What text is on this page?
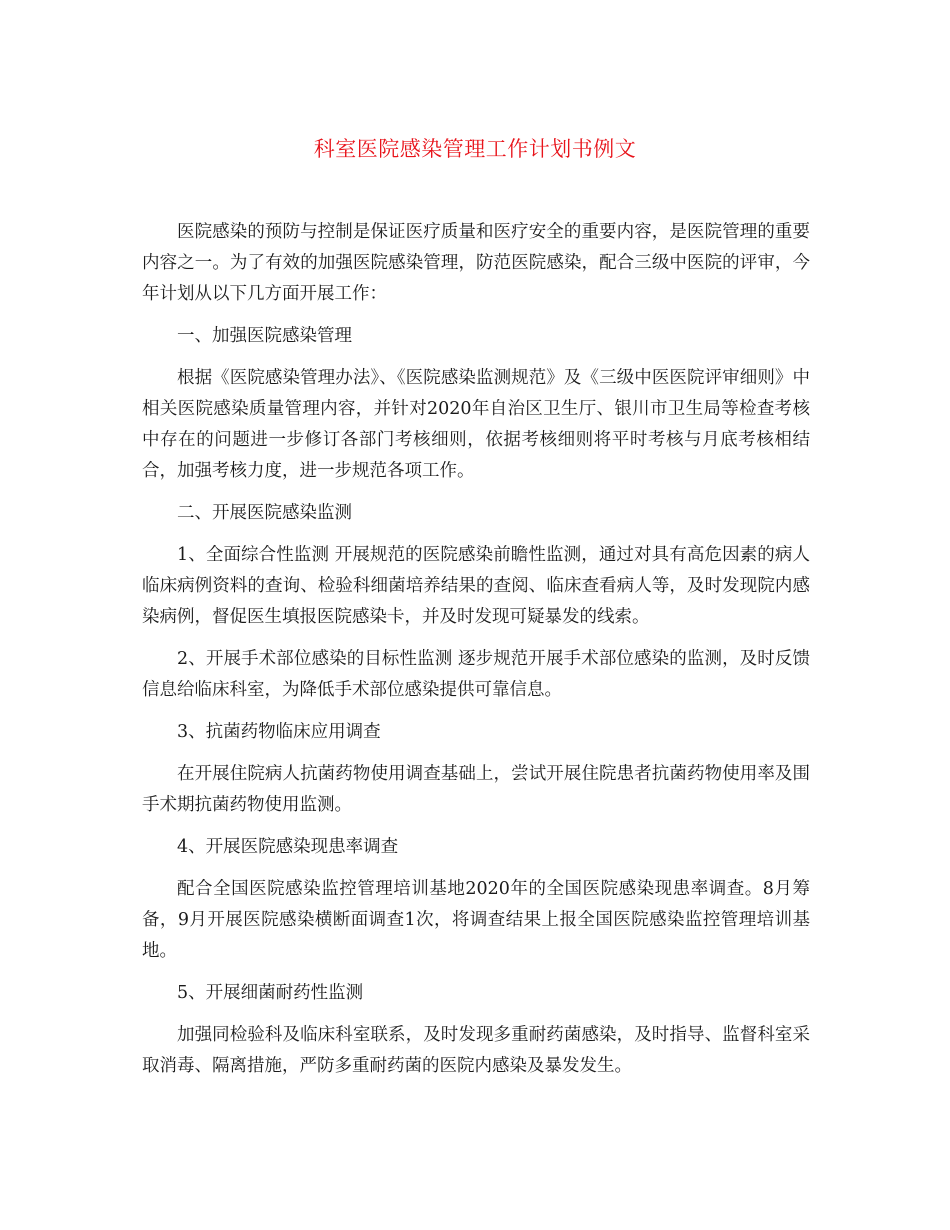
科室医院感染管理工作计划书例文

医院感染的预防与控制是保证医疗质量和医疗安全的重要内容，是医院管理的重要内容之一。为了有效的加强医院感染管理，防范医院感染，配合三级中医院的评审，今年计划从以下几方面开展工作：

一、加强医院感染管理

根据《医院感染管理办法》、《医院感染监测规范》及《三级中医医院评审细则》中相关医院感染质量管理内容，并针对2020年自治区卫生厅、银川市卫生局等检查考核中存在的问题进一步修订各部门考核细则，依据考核细则将平时考核与月底考核相结合，加强考核力度，进一步规范各项工作。

二、开展医院感染监测

1、全面综合性监测 开展规范的医院感染前瞻性监测，通过对具有高危因素的病人临床病例资料的查询、检验科细菌培养结果的查阅、临床查看病人等，及时发现院内感染病例，督促医生填报医院感染卡，并及时发现可疑暴发的线索。

2、开展手术部位感染的目标性监测 逐步规范开展手术部位感染的监测，及时反馈信息给临床科室，为降低手术部位感染提供可靠信息。

3、抗菌药物临床应用调查

在开展住院病人抗菌药物使用调查基础上，尝试开展住院患者抗菌药物使用率及围手术期抗菌药物使用监测。

4、开展医院感染现患率调查

配合全国医院感染监控管理培训基地2020年的全国医院感染现患率调查。8月筹备，9月开展医院感染横断面调查1次，将调查结果上报全国医院感染监控管理培训基地。

5、开展细菌耐药性监测

加强同检验科及临床科室联系，及时发现多重耐药菌感染，及时指导、监督科室采取消毒、隔离措施，严防多重耐药菌的医院内感染及暴发发生。
